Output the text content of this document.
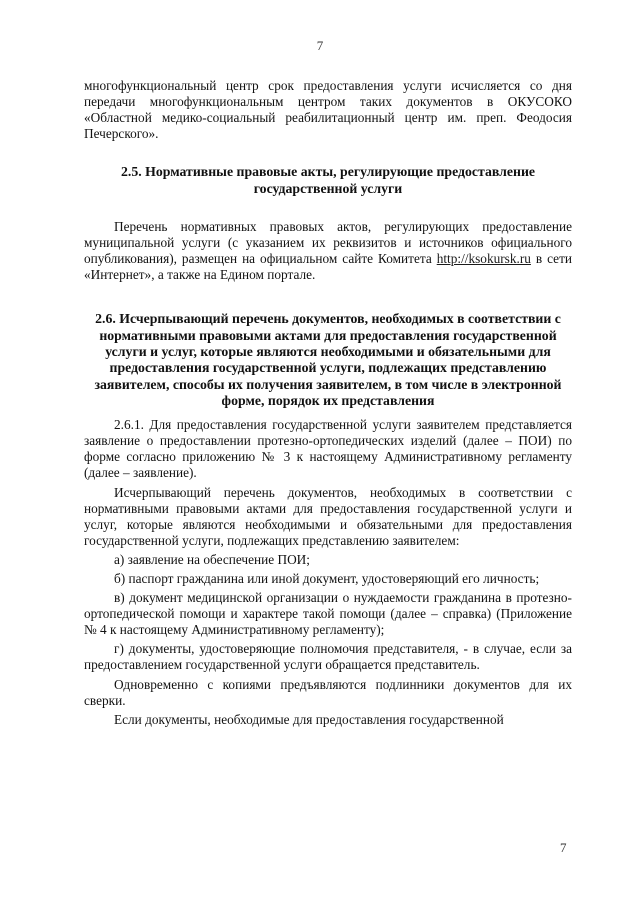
7

многофункциональный центр срок предоставления услуги исчисляется со дня передачи многофункциональным центром таких документов в ОКУСОКО «Областной медико-социальный реабилитационный центр им. преп. Феодосия Печерского».

2.5. Нормативные правовые акты, регулирующие предоставление государственной услуги

Перечень нормативных правовых актов, регулирующих предоставление муниципальной услуги (с указанием их реквизитов и источников официального опубликования), размещен на официальном сайте Комитета http://ksokursk.ru в сети «Интернет», а также на Едином портале.

2.6. Исчерпывающий перечень документов, необходимых в соответствии с нормативными правовыми актами для предоставления государственной услуги и услуг, которые являются необходимыми и обязательными для предоставления государственной услуги, подлежащих представлению заявителем, способы их получения заявителем, в том числе в электронной форме, порядок их представления

2.6.1. Для предоставления государственной услуги заявителем представляется заявление о предоставлении протезно-ортопедических изделий (далее – ПОИ) по форме согласно приложению № 3 к настоящему Административному регламенту (далее – заявление).

Исчерпывающий перечень документов, необходимых в соответствии с нормативными правовыми актами для предоставления государственной услуги и услуг, которые являются необходимыми и обязательными для предоставления государственной услуги, подлежащих представлению заявителем:

а) заявление на обеспечение ПОИ;

б) паспорт гражданина или иной документ, удостоверяющий его личность;

в) документ медицинской организации о нуждаемости гражданина в протезно-ортопедической помощи и характере такой помощи (далее – справка) (Приложение № 4 к настоящему Административному регламенту);

г) документы, удостоверяющие полномочия представителя, - в случае, если за предоставлением государственной услуги обращается представитель.

Одновременно с копиями предъявляются подлинники документов для их сверки.

Если документы, необходимые для предоставления государственной

7
